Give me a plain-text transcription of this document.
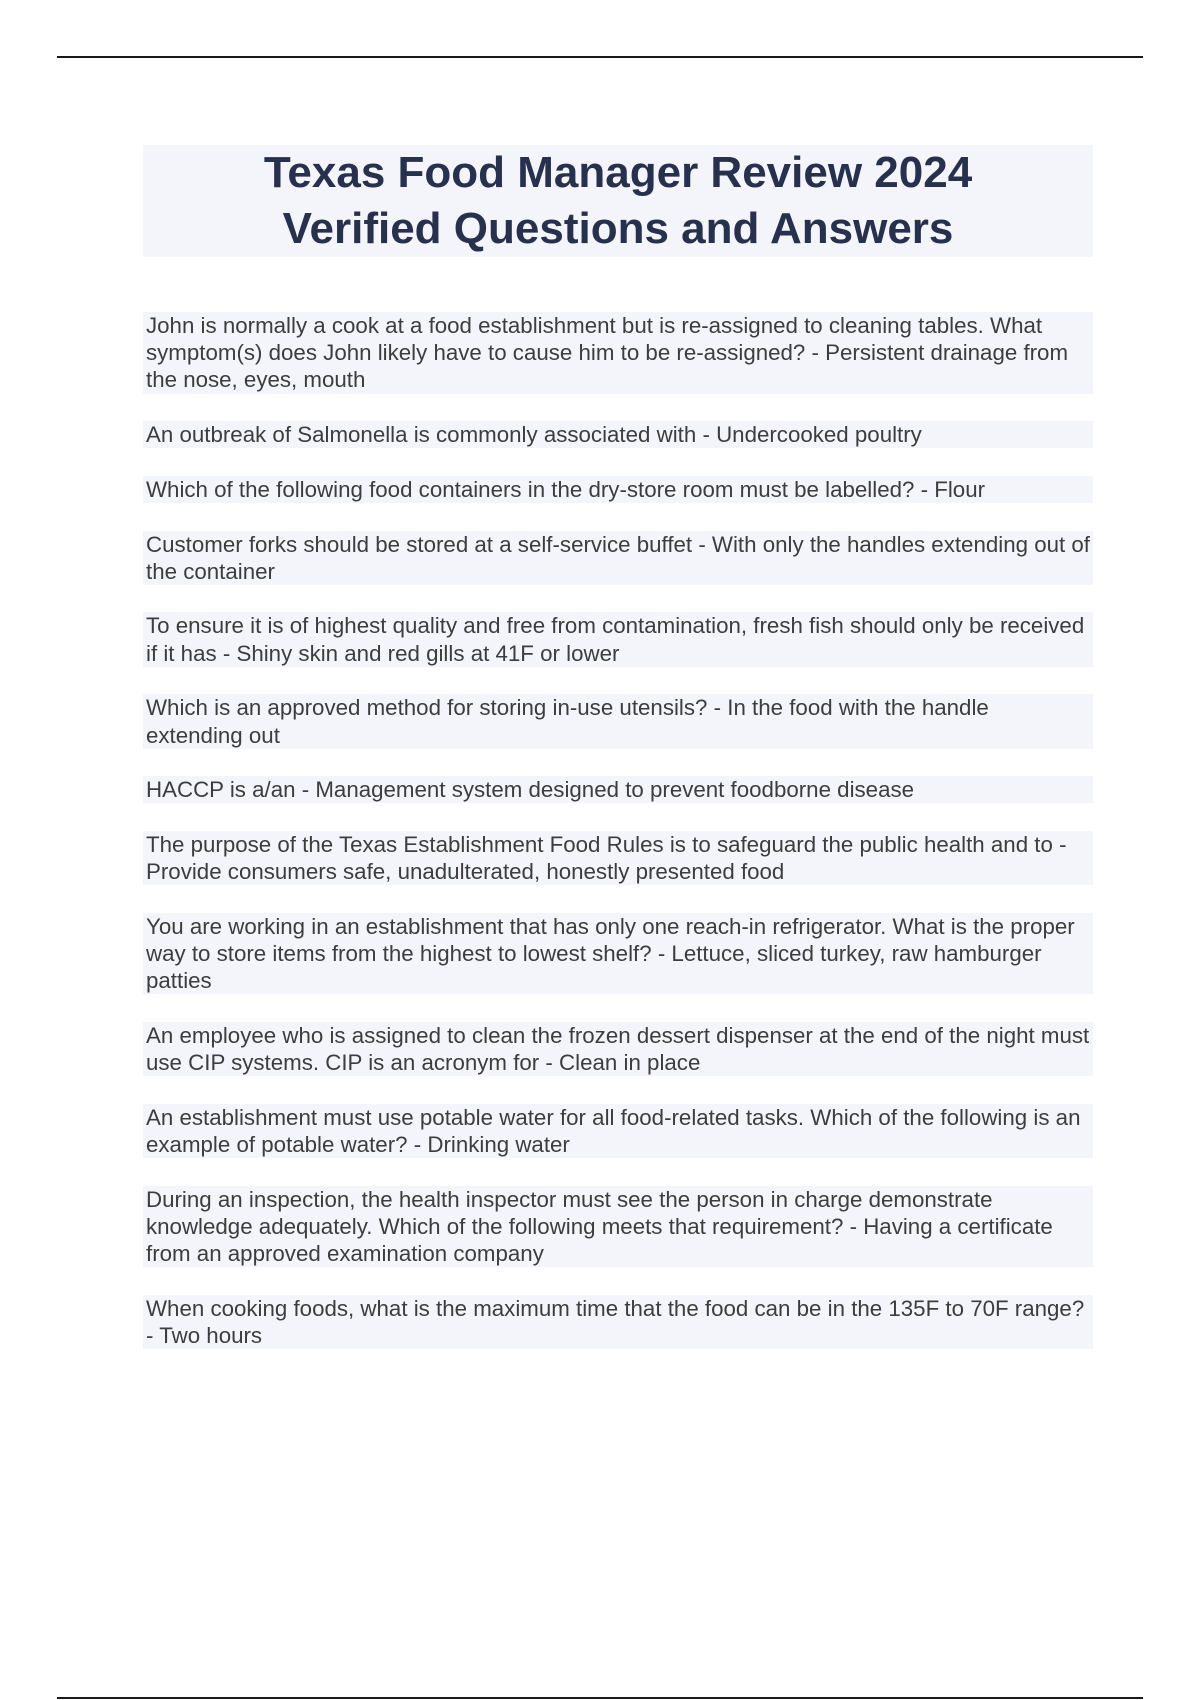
Texas Food Manager Review 2024
Verified Questions and Answers
John is normally a cook at a food establishment but is re-assigned to cleaning tables. What symptom(s) does John likely have to cause him to be re-assigned? - Persistent drainage from the nose, eyes, mouth
An outbreak of Salmonella is commonly associated with - Undercooked poultry
Which of the following food containers in the dry-store room must be labelled? - Flour
Customer forks should be stored at a self-service buffet - With only the handles extending out of the container
To ensure it is of highest quality and free from contamination, fresh fish should only be received if it has - Shiny skin and red gills at 41F or lower
Which is an approved method for storing in-use utensils? - In the food with the handle extending out
HACCP is a/an - Management system designed to prevent foodborne disease
The purpose of the Texas Establishment Food Rules is to safeguard the public health and to - Provide consumers safe, unadulterated, honestly presented food
You are working in an establishment that has only one reach-in refrigerator. What is the proper way to store items from the highest to lowest shelf? - Lettuce, sliced turkey, raw hamburger patties
An employee who is assigned to clean the frozen dessert dispenser at the end of the night must use CIP systems. CIP is an acronym for - Clean in place
An establishment must use potable water for all food-related tasks. Which of the following is an example of potable water? - Drinking water
During an inspection, the health inspector must see the person in charge demonstrate knowledge adequately. Which of the following meets that requirement? - Having a certificate from an approved examination company
When cooking foods, what is the maximum time that the food can be in the 135F to 70F range? - Two hours
